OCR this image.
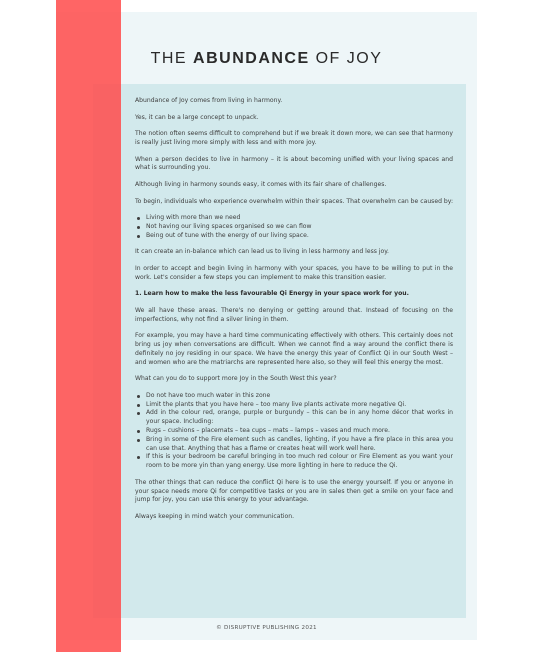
THE ABUNDANCE OF JOY

Abundance of Joy comes from living in harmony.

Yes, it can be a large concept to unpack.

The notion often seems difficult to comprehend but if we break it down more, we can see that harmony is really just living more simply with less and with more joy.

When a person decides to live in harmony – it is about becoming unified with your living spaces and what is surrounding you.

Although living in harmony sounds easy, it comes with its fair share of challenges.

To begin, individuals who experience overwhelm within their spaces. That overwhelm can be caused by:

Living with more than we need
Not having our living spaces organised so we can flow
Being out of tune with the energy of our living space.

It can create an in-balance which can lead us to living in less harmony and less joy.

In order to accept and begin living in harmony with your spaces, you have to be willing to put in the work. Let's consider a few steps you can implement to make this transition easier.

1. Learn how to make the less favourable Qi Energy in your space work for you.

We all have these areas. There's no denying or getting around that. Instead of focusing on the imperfections, why not find a silver lining in them.

For example, you may have a hard time communicating effectively with others. This certainly does not bring us joy when conversations are difficult. When we cannot find a way around the conflict there is definitely no joy residing in our space. We have the energy this year of Conflict Qi in our South West – and women who are the matriarchs are represented here also, so they will feel this energy the most.

What can you do to support more Joy in the South West this year?

Do not have too much water in this zone
Limit the plants that you have here – too many live plants activate more negative Qi.
Add in the colour red, orange, purple or burgundy – this can be in any home décor that works in your space. Including:
Rugs – cushions – placemats – tea cups – mats – lamps – vases and much more.
Bring in some of the Fire element such as candles, lighting, if you have a fire place in this area you can use that. Anything that has a flame or creates heat will work well here.
If this is your bedroom be careful bringing in too much red colour or Fire Element as you want your room to be more yin than yang energy. Use more lighting in here to reduce the Qi.

The other things that can reduce the conflict Qi here is to use the energy yourself. If you or anyone in your space needs more Qi for competitive tasks or you are in sales then get a smile on your face and jump for joy, you can use this energy to your advantage.

Always keeping in mind watch your communication.

© DISRUPTIVE PUBLISHING 2021
